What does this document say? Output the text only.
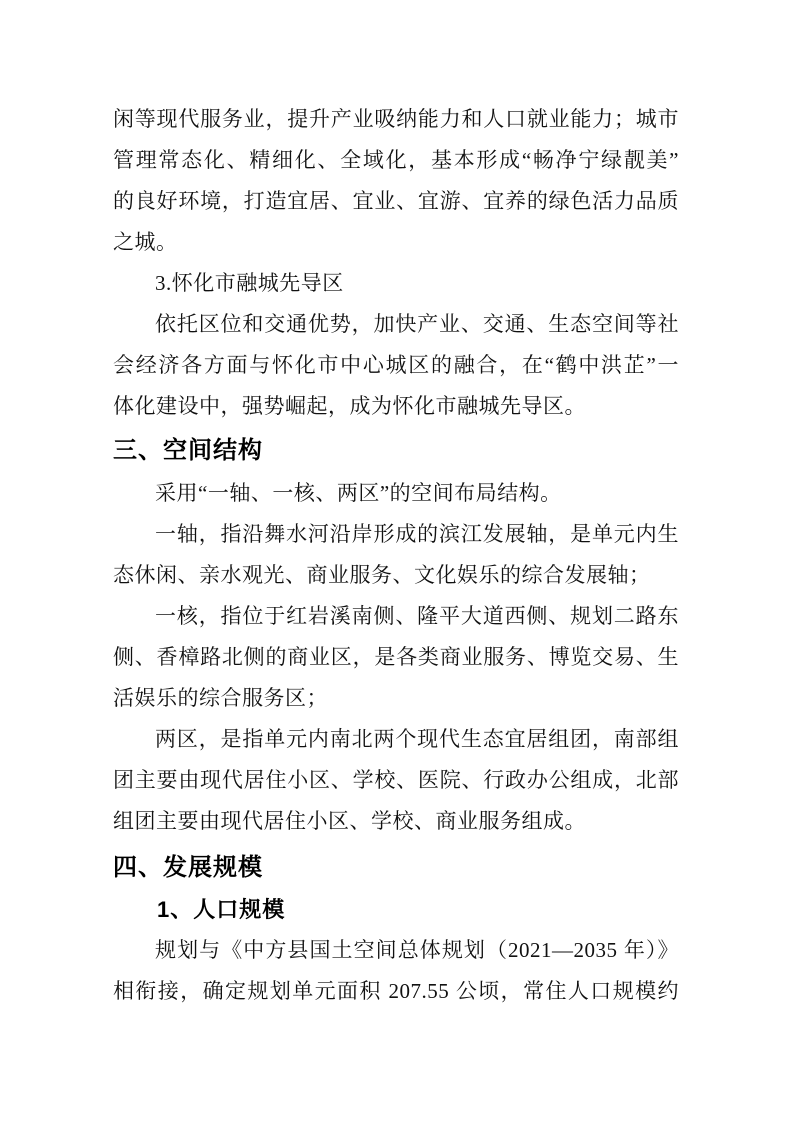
闲等现代服务业，提升产业吸纳能力和人口就业能力；城市
管理常态化、精细化、全域化，基本形成“畅净宁绿靓美”
的良好环境，打造宜居、宜业、宜游、宜养的绿色活力品质
之城。
3.怀化市融城先导区
依托区位和交通优势，加快产业、交通、生态空间等社
会经济各方面与怀化市中心城区的融合，在“鹤中洪芷”一
体化建设中，强势崛起，成为怀化市融城先导区。
三、空间结构
采用“一轴、一核、两区”的空间布局结构。
一轴，指沿舞水河沿岸形成的滨江发展轴，是单元内生
态休闲、亲水观光、商业服务、文化娱乐的综合发展轴；
一核，指位于红岩溪南侧、隆平大道西侧、规划二路东
侧、香樟路北侧的商业区，是各类商业服务、博览交易、生
活娱乐的综合服务区；
两区，是指单元内南北两个现代生态宜居组团，南部组
团主要由现代居住小区、学校、医院、行政办公组成，北部
组团主要由现代居住小区、学校、商业服务组成。
四、发展规模
1、人口规模
规划与《中方县国土空间总体规划（2021—2035 年）》
相衔接，确定规划单元面积 207.55 公顷，常住人口规模约
